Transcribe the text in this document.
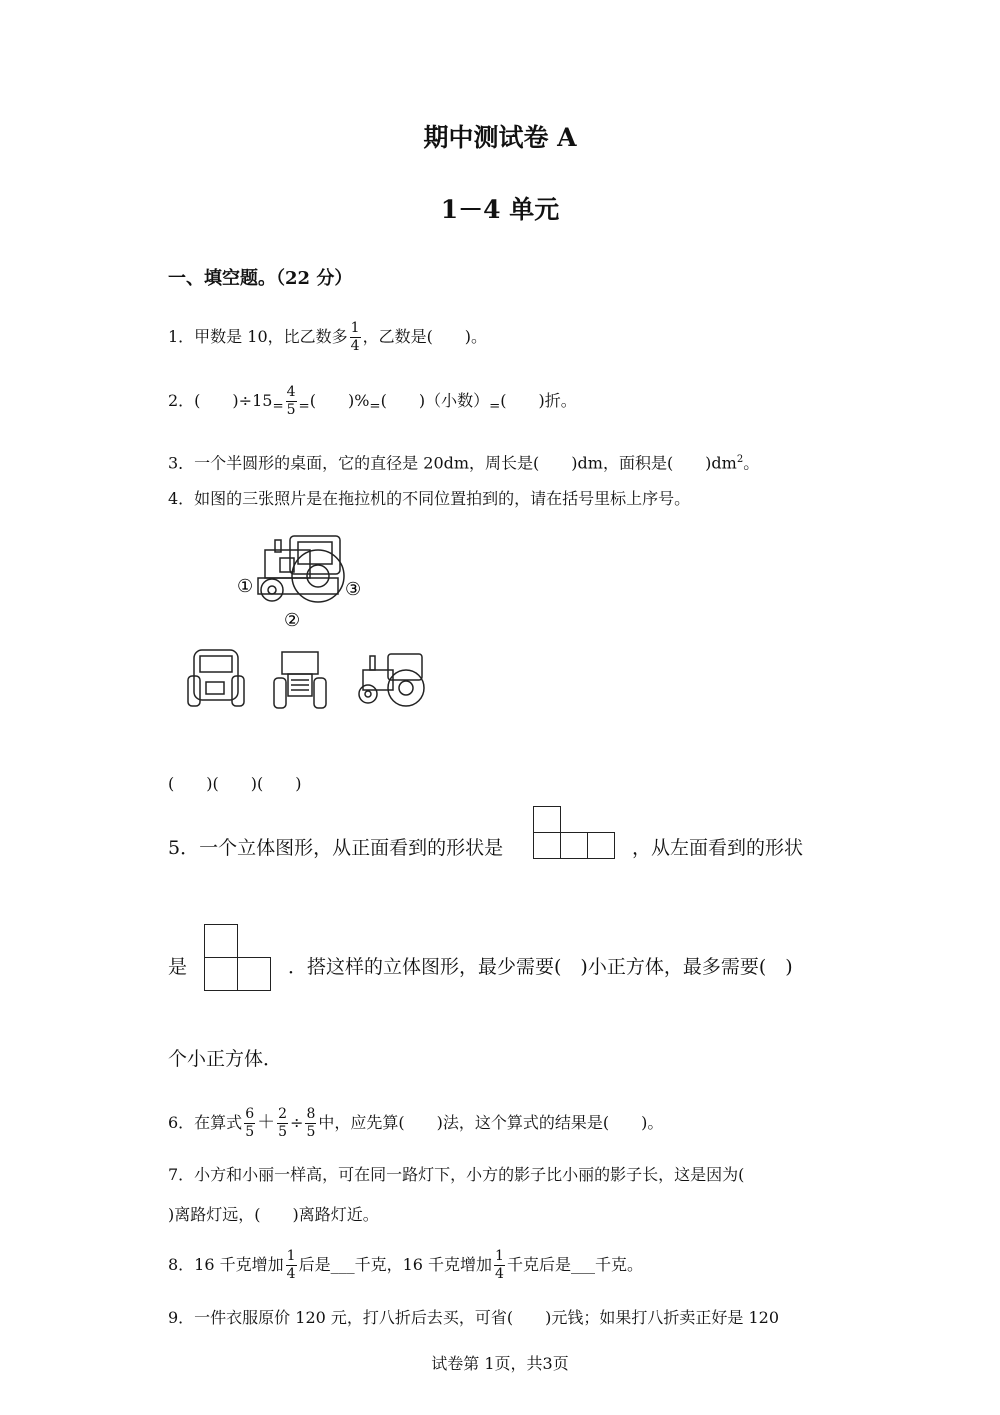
期中测试卷 A
1－4 单元
一、填空题。（22 分）
1．甲数是 10，比乙数多 $\frac{1}{4}$ ，乙数是(　　)。
2．(　　)$\div 15_= \frac{4}{5} _=$(　　)$\%_=$(　　)（小数）$_=$(　　)折。
3．一个半圆形的桌面，它的直径是 20dm，周长是(　　)dm，面积是(　　)$dm^2$。
4．如图的三张照片是在拖拉机的不同位置拍到的，请在括号里标上序号。
①
②
③
(　　)(　　)(　　)
5．一个立体图形，从正面看到的形状是	，从左面看到的形状
是	．搭这样的立体图形，最少需要(　)小正方体，最多需要(　)
个小正方体．
6．在算式 $\frac{6}{5} + \frac{2}{5} \div \frac{8}{5}$ 中，应先算(　　)法，这个算式的结果是(　　)。
7．小方和小丽一样高，可在同一路灯下，小方的影子比小丽的影子长，这是因为(
)离路灯远，(　　)离路灯近。
8．16 千克增加 $\frac{1}{4}$ 后是___千克，16 千克增加 $\frac{1}{4}$ 千克后是___千克。
9．一件衣服原价 120 元，打八折后去买，可省(　　)元钱；如果打八折卖正好是 120
试卷第 1页，共3页
